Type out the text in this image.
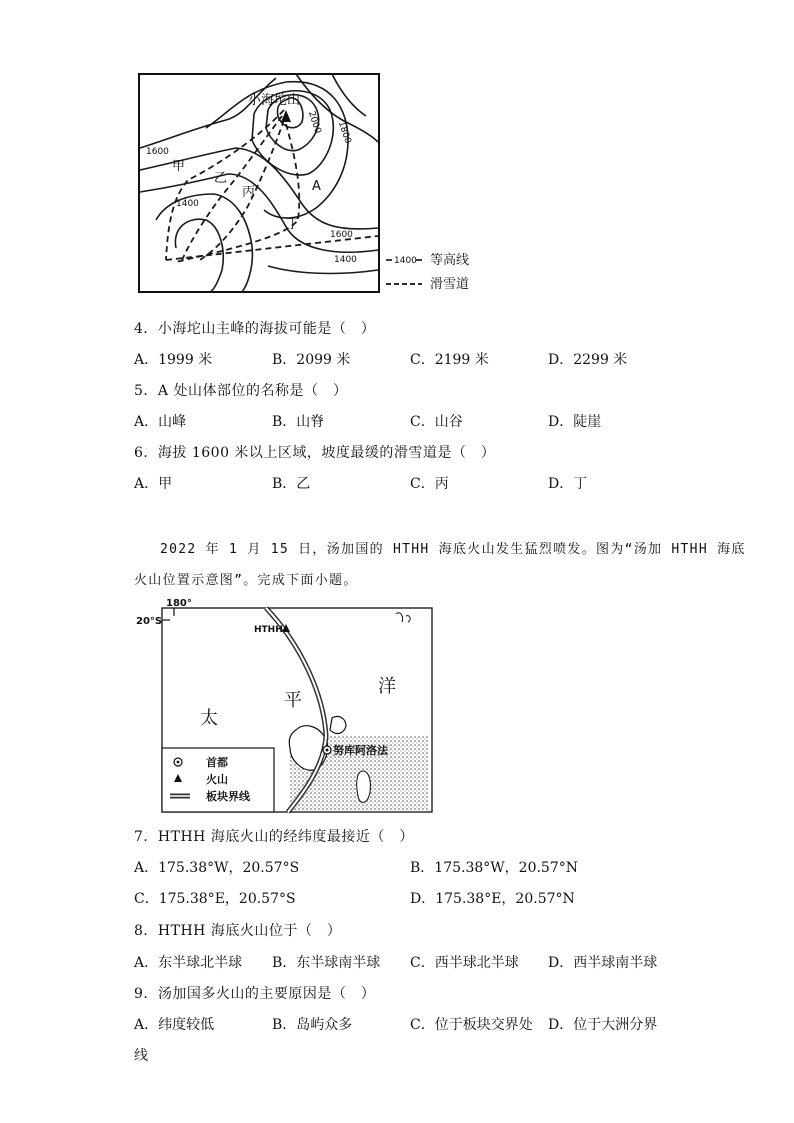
小海坨山
2000 1800
1600
1400
1600
1400
甲
乙
丙
丁
A
1400 等高线
滑雪道
4．小海坨山主峰的海拔可能是（　）
A．1999 米	B．2099 米	C．2199 米	D．2299 米
5．A 处山体部位的名称是（　）
A．山峰	B．山脊	C．山谷	D．陡崖
6．海拔 1600 米以上区域，坡度最缓的滑雪道是（　）
A．甲	B．乙	C．丙	D．丁
2022 年 1 月 15 日，汤加国的 HTHH 海底火山发生猛烈喷发。图为“汤加 HTHH 海底
火山位置示意图”。完成下面小题。
180°
20°S
HTHH
努库阿洛法
太
平
洋
首都
火山
板块界线
7．HTHH 海底火山的经纬度最接近（　）
A．175.38°W，20.57°S	B．175.38°W，20.57°N
C．175.38°E，20.57°S	D．175.38°E，20.57°N
8．HTHH 海底火山位于（　）
A．东半球北半球 B．东半球南半球 C．西半球北半球 D．西半球南半球
9．汤加国多火山的主要原因是（　）
A．纬度较低	B．岛屿众多	C．位于板块交界处 D．位于大洲分界
线
